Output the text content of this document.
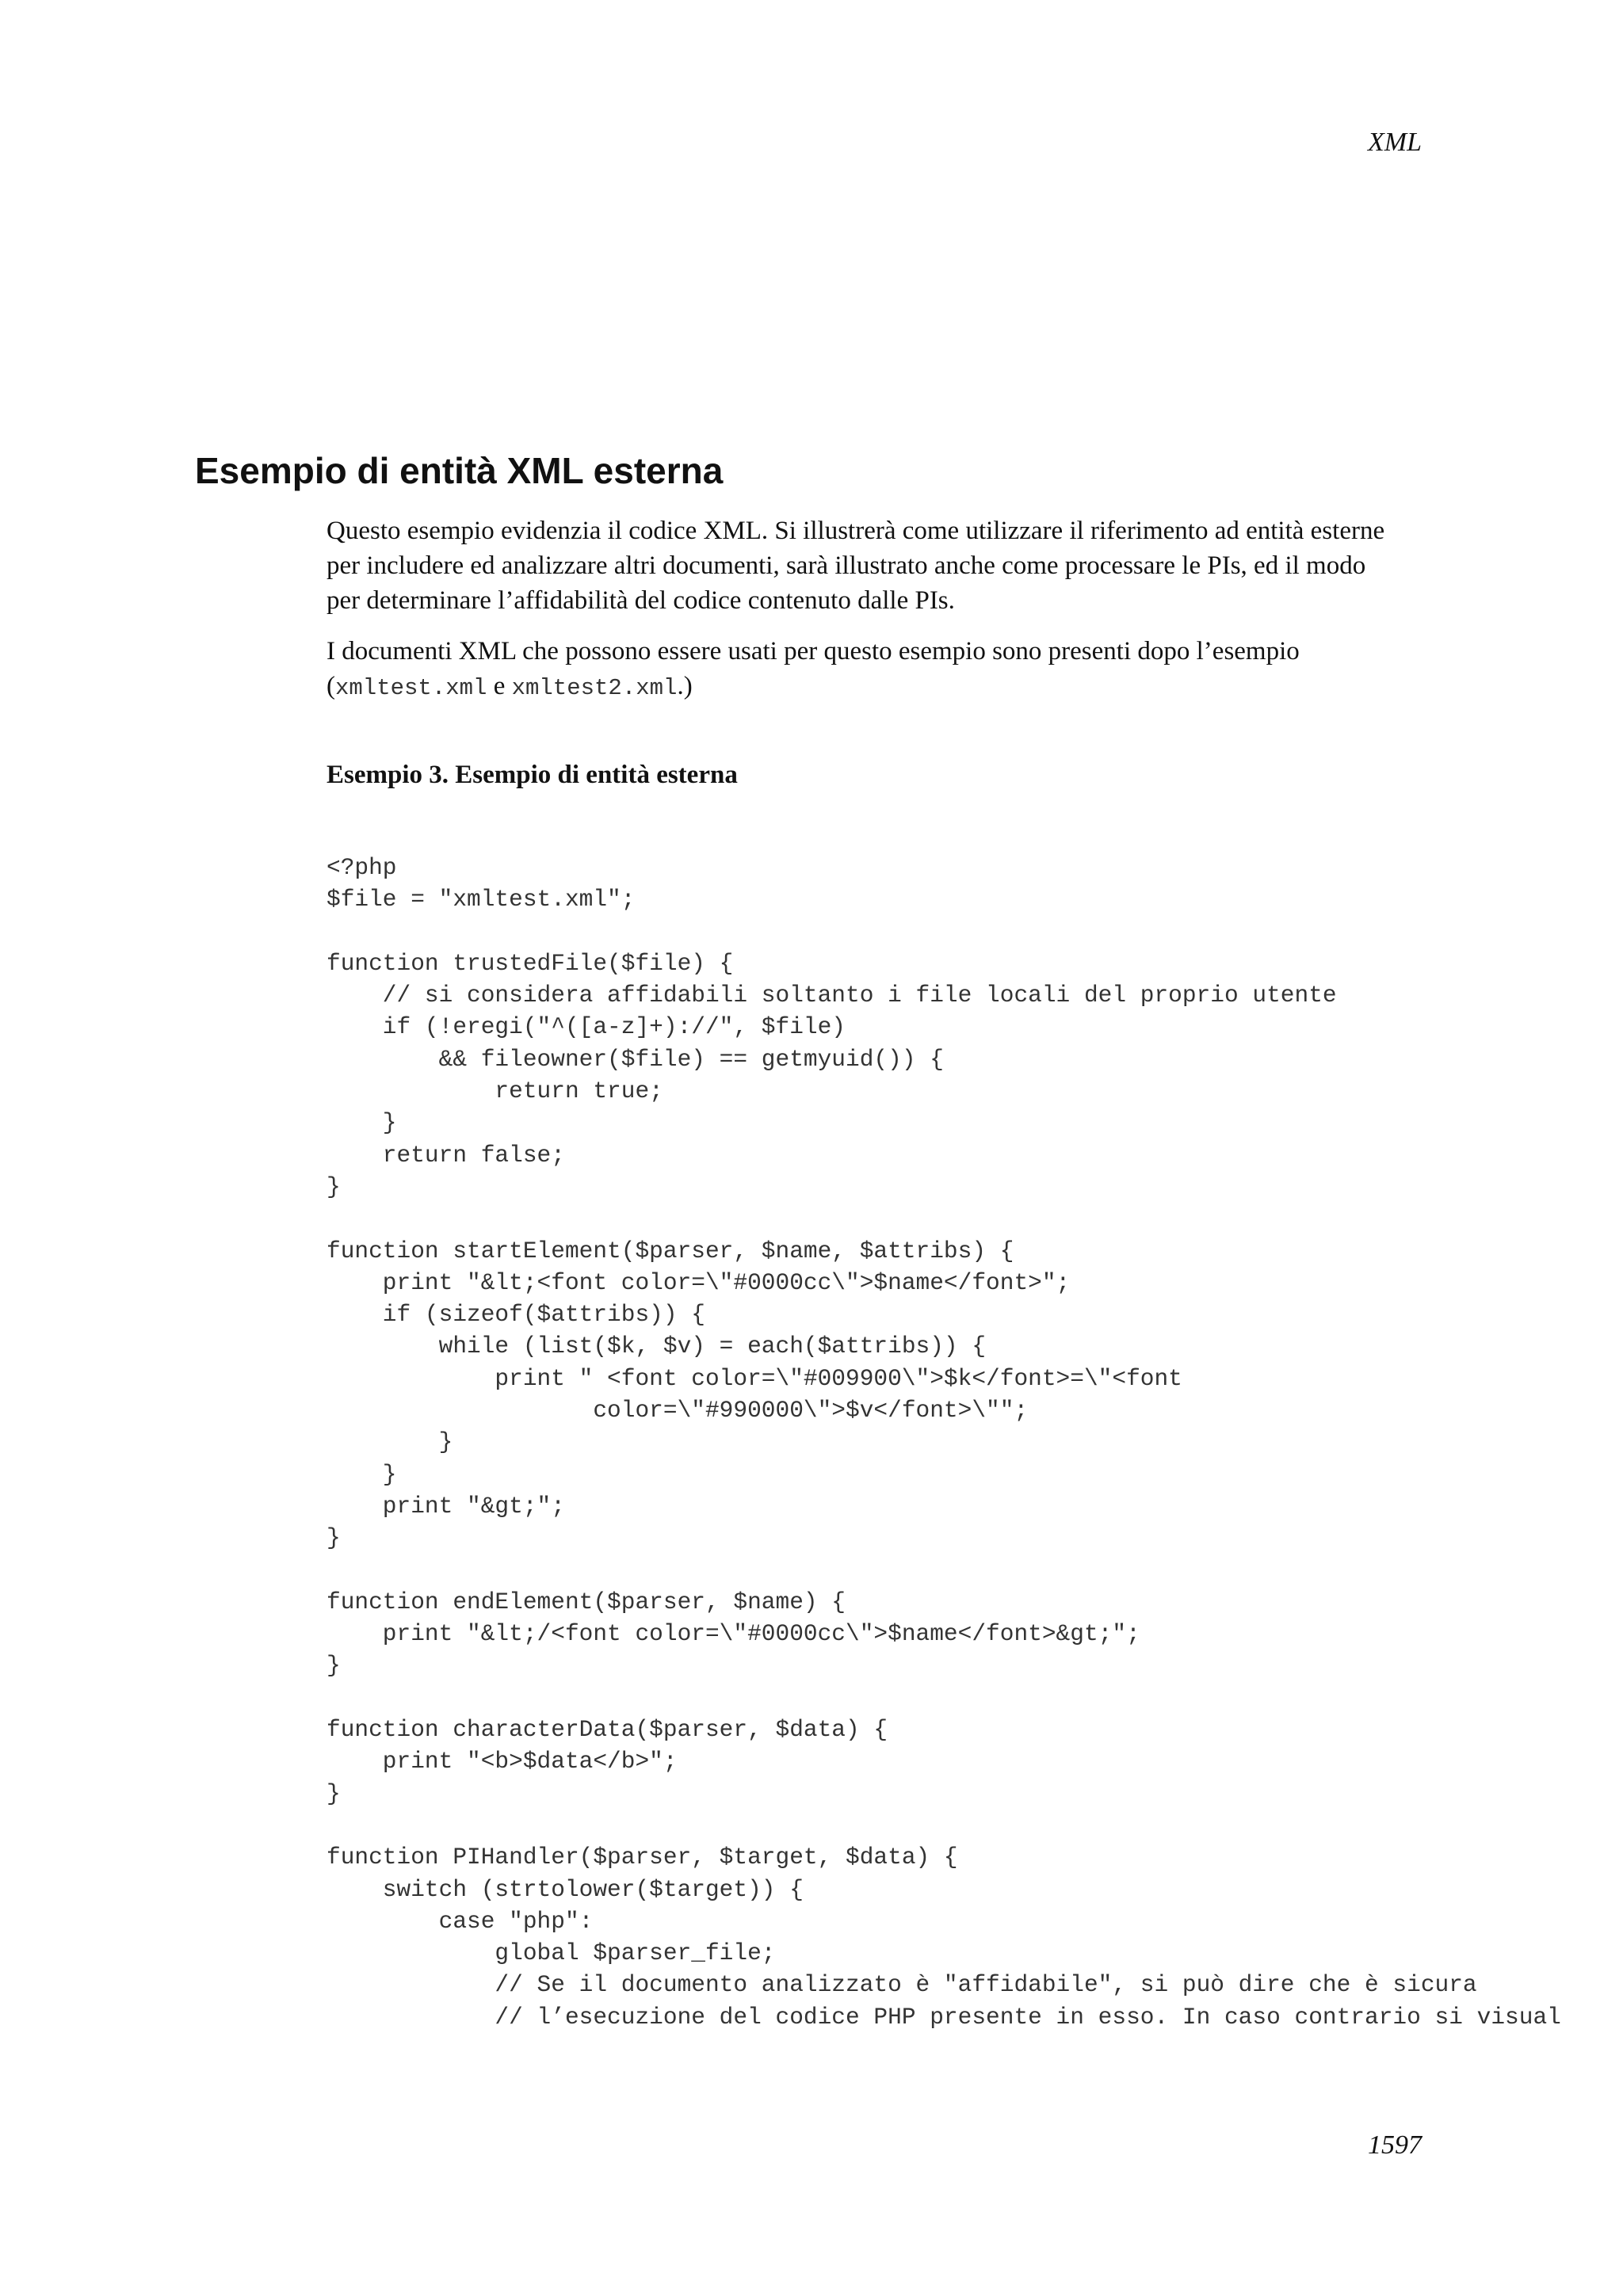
XML
Esempio di entità XML esterna

Questo esempio evidenzia il codice XML. Si illustrerà come utilizzare il riferimento ad entità esterne
per includere ed analizzare altri documenti, sarà illustrato anche come processare le PIs, ed il modo
per determinare l’affidabilità del codice contenuto dalle PIs.

I documenti XML che possono essere usati per questo esempio sono presenti dopo l’esempio
(xmltest.xml e xmltest2.xml.)

Esempio 3. Esempio di entità esterna
<?php
$file = "xmltest.xml";

function trustedFile($file) {
// si considera affidabili soltanto i file locali del proprio utente
if (!eregi("^([a-z]+)://", $file)
&& fileowner($file) == getmyuid()) {
return true;
}
return false;
}

function startElement($parser, $name, $attribs) {
print "&lt;<font color=\"#0000cc\">$name</font>";
if (sizeof($attribs)) {
while (list($k, $v) = each($attribs)) {
print " <font color=\"#009900\">$k</font>=\"<font
color=\"#990000\">$v</font>\"";
}
}
print "&gt;";
}

function endElement($parser, $name) {
print "&lt;/<font color=\"#0000cc\">$name</font>&gt;";
}

function characterData($parser, $data) {
print "<b>$data</b>";
}

function PIHandler($parser, $target, $data) {
switch (strtolower($target)) {
case "php":
global $parser_file;
// Se il documento analizzato è "affidabile", si può dire che è sicura
// l’esecuzione del codice PHP presente in esso. In caso contrario si visual
1597
